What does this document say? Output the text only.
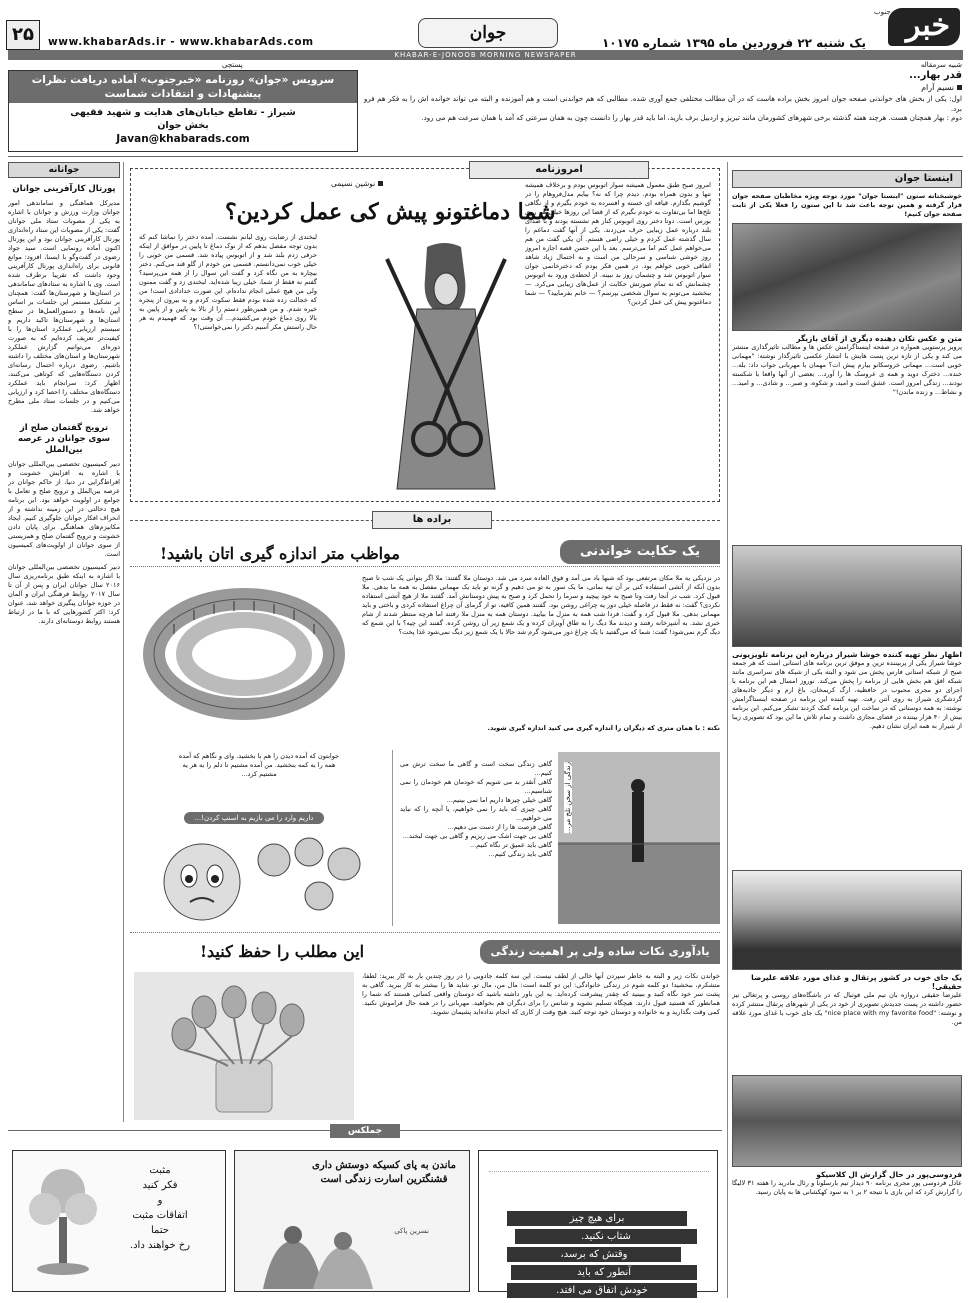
خبر
جنوب
یک شنبه ۲۲ فروردین ماه ۱۳۹۵ شماره ۱۰۱۷۵
جوان
www.khabarAds.ir - www.khabarAds.com
۲۵
KHABAR-E-JONOOB MORNING NEWSPAPER
پستچی	شبیه سرمقاله
سرویس «جوان» روزنامه «خبرجنوب» آماده دریافت نظرات
پیشنهادات و انتقادات شماست
شیراز - تقاطع خیابان‌های هدایت و شهید فقیهی
بخش جوان
Javan@khabarads.com
قدر بهار...
نسیم آرام

اول: یکی از بخش های خواندنی صفحه جوان امروز بخش براده هاست که در آن مطالب مختلفی جمع آوری شده. مطالبی که هم خواندنی است و هم آموزنده و البته می تواند خوانده اش را به فکر هم فرو برد.

دوم : بهار همچنان هست. هرچند هفته گذشته برخی شهرهای کشورمان مانند تبریز و اردبیل برف بارید، اما باید قدر بهار را دانست چون به همان سرعتی که آمد با همان سرعت هم می رود.

جوانانه
پورتال کارآفرینی جوانان

مدیرکل هماهنگی و ساماندهی امور جوانان وزارت ورزش و جوانان با اشاره به یکی از مصوبات ستاد ملی جوانان گفت: یکی از مصوبات این ستاد راه‌اندازی پورتال کارآفرینی جوانان بود و این پورتال اکنون آماده رونمایی است. سید جواد رضوی در گفت‌وگو با ایسنا، افزود: موانع قانونی برای راه‌اندازی پورتال کارآفرینی وجود داشت که تقریبا برطرف شده است. وی با اشاره به ستادهای ساماندهی در استان‌ها و شهرستان‌ها گفت: همچنان بر تشکیل مستمر این جلسات بر اساس آیین نامه‌ها و دستورالعمل‌ها در سطح استان‌ها و شهرستان‌ها تاکید داریم و سیستم ارزیابی عملکرد استان‌ها را با کیفیت‌تر تعریف کرده‌ایم که به صورت دوره‌ای می‌توانیم گزارش عملکرد شهرستان‌ها و استان‌های مختلف را داشته باشیم. رضوی درباره احتمال رسانه‌ای کردن دستگاه‌هایی که کوتاهی می‌کنند، اظهار کرد: سرانجام باید عملکرد دستگاه‌های مختلف را احصا کرد و ارزیابی می‌کنیم و در جلسات ستاد ملی مطرح خواهد شد.

ترویج گفتمان صلح از سوی جوانان در عرصه بین‌الملل

دبیر کمیسیون تخصصی بین‌المللی جوانان با اشاره به افزایش خشونت و افراط‌گرایی در دنیا، از حاکم جوانان در عرصه بین‌الملل و ترویج صلح و تعامل با جوامع در اولویت خواهد بود. این برنامه هیچ دخالتی در این زمینه نداشته و از انحراف افکار جوانان جلوگیری کنیم. ایجاد مکانیزم‌های هماهنگی برای پایان دادن خشونت و ترویج گفتمان صلح و همزیستی از سوی جوانان از اولویت‌های کمیسیون است.

دبیر کمیسیون تخصصی بین‌المللی جوانان با اشاره به اینکه طبق برنامه‌ریزی سال ۲۰۱۶ سال جوانان ایران و پس از آن تا سال ۲۰۱۷ روابط فرهنگی ایران و آلمان در حوزه جوانان پیگیری خواهد شد، عنوان کرد: اکثر کشورهایی که با ما در ارتباط هستند روابط دوستانه‌ای دارند.

اینستا جوان

خوشبختانه ستون "اینستا جوان" مورد توجه ویژه مخاطبان صفحه جوان قرار گرفته و همین توجه باعث شد تا این ستون را فعلا یکی از ثابت صفحه جوان کنیم!

متن و عکس تکان دهنده دیگری از آقای بازیگر

پرویز پرستویی همواره در صفحه اینستاگرامش عکس ها و مطالب تاثیرگذاری منتشر می کند و یکی از تازه ترین پست هایش با انتشار عکسی تاثیرگذار نوشته: "مهمانی خوبی است... مهمانی خروسکانو بیارم پیش ات؟ مهمان با مهربانی جواب داد: بله... خنده... دخترک دوید و همه ی عروسک ها را آورد... بعضی از آنها واقعا با شکسته بودند... زندگی امروز است. عشق است و امید، و شکوه، و صبر... و شادی... و امید... و نشاط... و زنده ماندن!"

اظهار نظر تهیه کننده خوشا شیراز درباره این برنامه تلویزیونی

خوشا شیراز یکی از پربیننده ترین و موفق ترین برنامه های استانی است که هر جمعه صبح از شبکه استانی فارس پخش می شود و البته یکی از شبکه های سراسری مانند شبکه افق هم بخش هایی از برنامه را پخش می‌کند. نوروز امسال هم این برنامه با اجرای دو مجری محبوب در حافظیه، ارگ کریمخان، باغ ارم و دیگر جاذبه‌های گردشگری شیراز به روی آنتن رفت. تهیه کننده این برنامه در صفحه اینستاگرامش نوشته: به همه دوستانی که در ساخت این برنامه کمک کردند تشکر می‌کنم. این برنامه بیش از ۴۰ هزار بیننده در فضای مجازی داشت و تمام تلاش ما این بود که تصویری زیبا از شیراز به همه ایران نشان دهیم.

یک جای خوب در کشور پرتقال و غذای مورد علاقه علیرضا حقیقی!

علیرضا حقیقی دروازه بان تیم ملی فوتبال که در باشگاه‌های روسی و پرتغالی نیز حضور داشته در پست جدیدش تصویری از خود در یکی از شهرهای پرتقال منتشر کرده و نوشته: "nice place with my favorite food" یک جای خوب با غذای مورد علاقه من.

فردوسی‌پور در حال گزارش ال کلاسیکو

عادل فردوسی پور مجری برنامه ۹۰ دیدار تیم بارسلونا و رئال مادرید را هفته ۳۱ لالیگا را گزارش کرد که این بازی با نتیجه ۲ بر ۱ به سود کهکشانی ها به پایان رسید.

امروزنامه
نوشین نسیمی
شما دماغتونو پیش کی عمل کردین؟

امروز صبح طبق معمول همیشه سوار اتوبوس بودم و برخلاف همیشه تنها و بدون همراه بودم. دیدم چرا که نه؟ بیایم مدل‌فروهام را در گوشیم بگذارم. قیافه ای خسته و افسرده به خودم بگیرم و از نگاهی تلخ‌ها اما بی‌تفاوت به خودم بگیرم که از قضا این روزها خیلی هم روی بورس است. دوتا دختر روی اتوبوس کنار هم نشسته بودند و با صدای بلند درباره عمل زیبایی حرف می‌زدند. یکی از آنها گفت دماغم را سال گذشته عمل کردم و خیلی راضی هستم. آن یکی گفت من هم می‌خواهم عمل کنم اما می‌ترسم. بعد با این حسن قصه اجازه امروز روز خوشی شناسی و سرحالی من است و به احتمال زیاد شاهد اتفاقی خوبی خواهم بود. در همین فکر بودم که دخترخانمی جوان سوار اتوبوس شد و چشمان روز بد نبینه. از لحظه‌ی ورود به اتوبوس چشمانش که نه تمام صورتش حکایت از عمل‌های زیبایی می‌کرد. — ببخشید می‌تونم یه سوال شخصی بپرسم؟ — خانم بفرمایید؟ — شما دماغتونو پیش کی عمل کردین؟

لبخندی از رضایت روی لبانم نشست. آمده دختر را تماشا کنم که بدون توجه مفصل بدهم که از نوک دماغ تا پایین در موافق از اینکه حرفی زدم بلند شد و از اتوبوس پیاده شد. قسمی من خوبی را خیلی خوب نمی‌دانستم. قسمی من خودم از گلو قند می‌کنم. دختر بیچاره به من نگاه کرد و گفت این سوال را از همه می‌پرسید؟ گفتم نه فقط از شما، خیلی زیبا شده‌اید. لبخندی زد و گفت ممنون ولی من هیچ عملی انجام نداده‌ام. این صورت خدادادی است! من که خجالت زده شده بودم فقط سکوت کردم و به بیرون از پنجره خیره شدم. و من همین‌طور دستم را از بالا به پایین و از پایین به بالا روی دماغ خودم می‌کشیدم... آن وقت بود که فهمیدم به هر حال راستش مکر آسیم دکتر را نمی‌خواستی!؟

براده ها
یک حکایت خواندنی
مواظب متر اندازه گیری اتان باشید!

در نزدیکی یه ملا مکان مرتفعی بود که شبها باد می آمد و فوق العاده سرد می شد. دوستان ملا گفتند: ملا اگر بتوانی یک شب تا صبح بدون آنکه از آتشی استفاده کنی بر آن تپه بمانی، ما یک سور به تو می دهیم و گرنه تو باید یک مهمانی مفصل به همه ما بدهی. ملا قبول کرد. شب در آنجا رفت وتا صبح به خود پیچید و سرما را تحمل کرد و صبح به پیش دوستانش آمد. گفتند ملا از هیچ آتشی استفاده نکردی؟ گفت: نه فقط در فاصله خیلی دور یه چراغی روشن بود. گفتند همین کافیه، تو از گرمای آن چراغ استفاده کردی و باختی و باید مهمانی بدهی. ملا قبول کرد و گفت: فردا شب همه به منزل ما بیایید. دوستان همه به منزل ملا رفتند اما هرچه منتظر شدند از شام خبری نشد. به آشپزخانه رفتند و دیدند ملا دیگ را به طاق آویزان کرده و یک شمع زیر آن روشن کرده. گفتند این چیه؟ با این شمع که دیگ گرم نمی‌شود! گفت: شما که می‌گفتید با یک چراغ دور می‌شود گرم شد حالا با یک شمع زیر دیگ نمی‌شود غذا پخت؟

نکته : با همان متری که دیگران را اندازه گیری می کنید اندازه گیری شوید.
زندگی از سخن تلخ مر...
گاهی زندگی سخت است و گاهی ما سخت ترش می کنیم...
گاهی آنقدر بد می شویم که خودمان هم خودمان را نمی شناسیم...
گاهی خیلی چیزها داریم اما نمی بینیم...
گاهی چیزی که باید را نمی خواهیم، یا آنچه را که نباید می خواهیم...
گاهی فرصت ها را از دست می دهیم...
گاهی بی جهت اشک می ریزیم و گاهی بی جهت لبخند...
گاهی باید عمیق تر نگاه کنیم...
گاهی باید زندگی کنیم...

جوابتون که آمده دیدن را هم با بخشید. وای و نگاهم که آمده همه را به کمه بنخشید. من آمده مشتیم تا دلم را به هر یه مشتیم کرد...

داریم وارد را می بازیم به اسنپ کردن!...
یادآوری نکات ساده ولی پر اهمیت زندگی
این مطلب را حفظ کنید!

خواندن نکات زیر و البته به خاطر سپردن آنها خالی از لطف نیست. این سه کلمه جادویی را در روز چندین بار به کار ببرید: لطفا، متشکرم، ببخشید! دو کلمه شوم در زندگی خانوادگی: این دو کلمه است: مال من، مال تو. شاید ها را بیشتر به کار ببرید. گاهی به پشت سر خود نگاه کنید و ببینید که چقدر پیشرفت کرده‌اید. به این باور داشته باشید که دوستان واقعی کسانی هستند که شما را همانطور که هستید قبول دارند. هیچگاه تسلیم نشوید و شانس را برای دیگران هم بخواهید. مهربانی را در همه حال فراموش نکنید. کمی وقت بگذارید و به خانواده و دوستان خود توجه کنید. هیچ وقت از کاری که انجام نداده‌اید پشیمان نشوید.

جملکس
مثبت
فکر کنید
و
اتفاقات مثبت
حتما
رخ خواهند داد.
ماندن به پای کسیکه دوستش داری قشنگترین اسارت زندگی است
نسرین پاکی
برای هیچ چیز
شتاب نکنید.
وقتش که برسد،
آنطور که باید
خودش اتفاق می افتد.
